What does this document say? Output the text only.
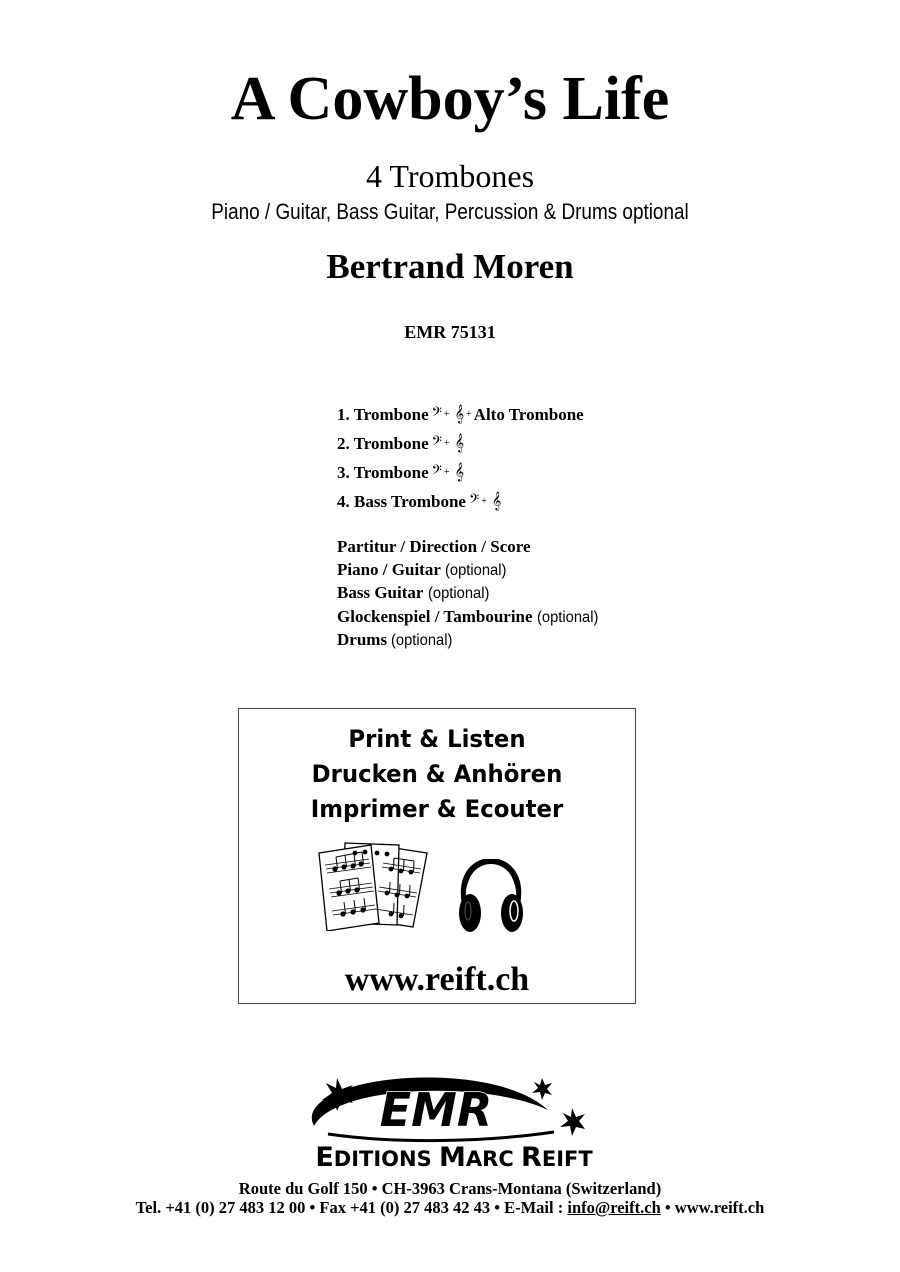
A Cowboy’s Life
4 Trombones
Piano / Guitar, Bass Guitar, Percussion & Drums optional
Bertrand Moren
EMR 75131
1. Trombone 𝄢 + 𝄞 + Alto Trombone
2. Trombone 𝄢 + 𝄞
3. Trombone 𝄢 + 𝄞
4. Bass Trombone 𝄢 + 𝄞
Partitur / Direction / Score
Piano / Guitar (optional)
Bass Guitar (optional)
Glockenspiel / Tambourine (optional)
Drums (optional)
Print & Listen
Drucken & Anhören
Imprimer & Ecouter
www.reift.ch
EMR
EDITIONS MARC REIFT
Route du Golf 150 • CH-3963 Crans-Montana (Switzerland)
Tel. +41 (0) 27 483 12 00 • Fax +41 (0) 27 483 42 43 • E-Mail : info@reift.ch • www.reift.ch
